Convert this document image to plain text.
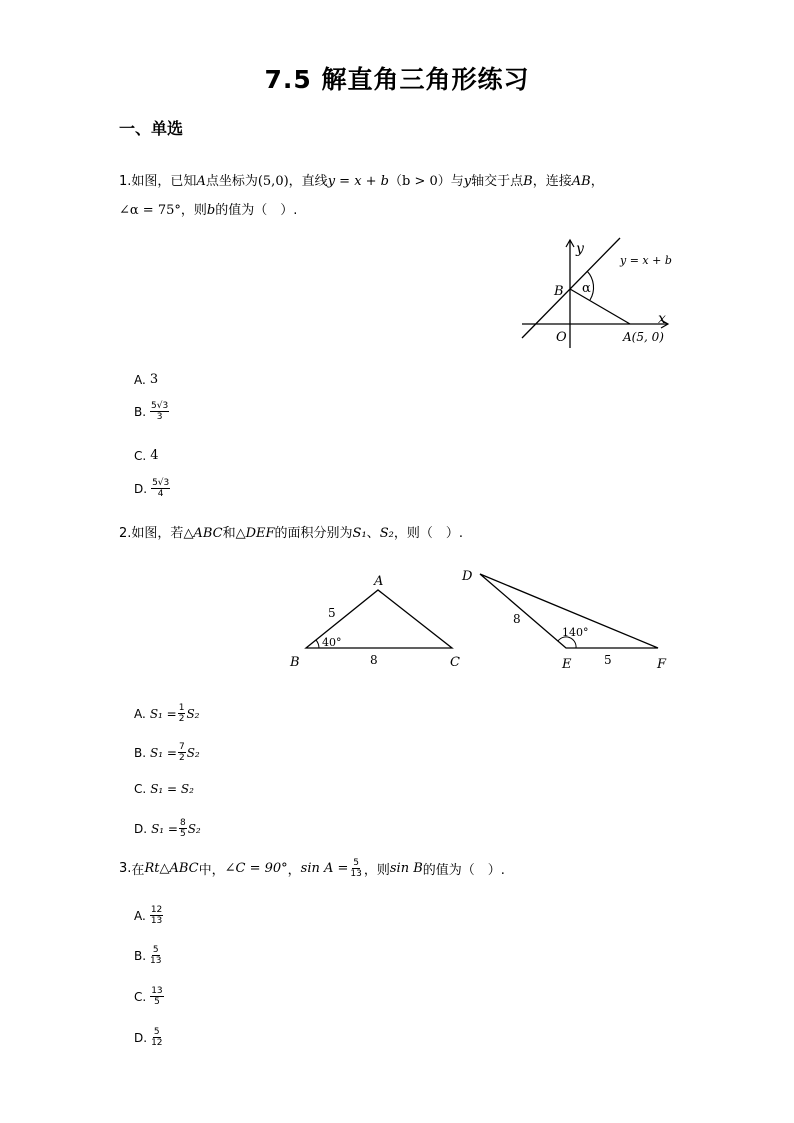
7.5 解直角三角形练习
一、单选
1.如图，已知A点坐标为(5,0)，直线y = x + b（b > 0）与y轴交于点B，连接AB，
∠α = 75°，则b的值为（　）.
y
x
y = x + b
α
B
O	A(5, 0)
A. 3
B. $\frac{5√3}{3}$
C. 4
D. $\frac{5√3}{4}$
2.如图，若△ABC和△DEF的面积分别为S₁、S₂，则（　）.
A
B	C
5
8
40°
D
E	F
8
5
140°
A. $S_1 = \frac{1}{2} S_2$
B. $S_1 = \frac{7}{2} S_2$
C. S₁ = S₂
D. $S_1 = \frac{8}{5} S_2$
3 . 在 Rt△ABC 中， ∠C = 90° ， $\sin A = \frac{5}{13}$ ，则 sin B 的值为（　）.
A. $\frac{12}{13}$
B. $\frac{5}{13}$
C. $\frac{13}{5}$
D. $\frac{5}{12}$
